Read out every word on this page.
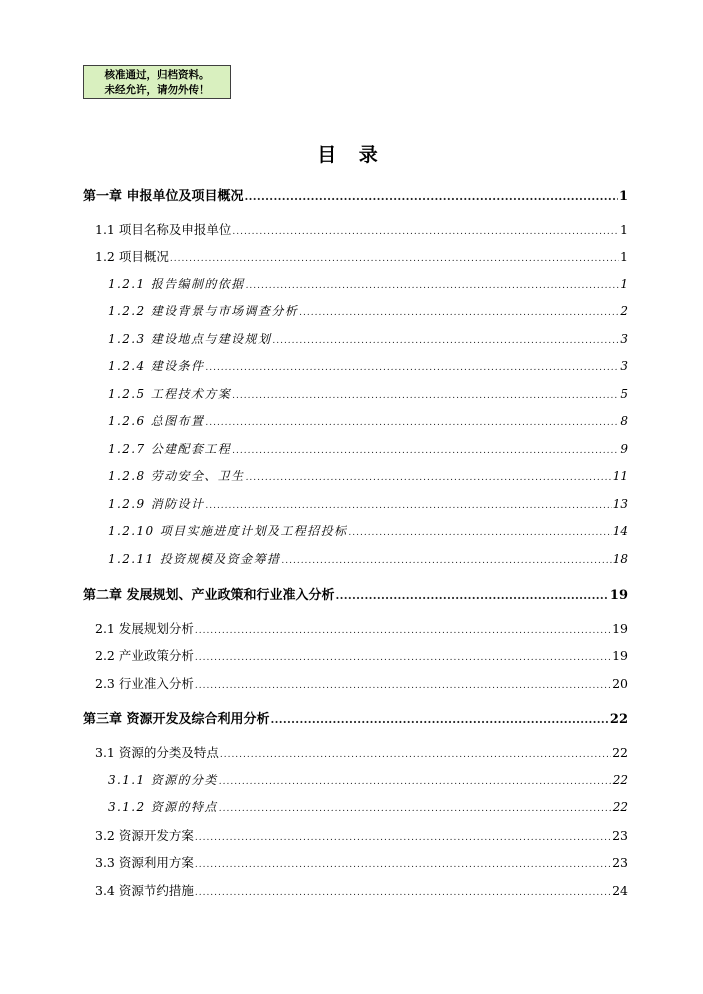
核准通过，归档资料。
未经允许，请勿外传！
目 录
第一章 申报单位及项目概况 .....	1
1.1 项目名称及申报单位 .....	1
1.2 项目概况 .....	1
1.2.1 报告编制的依据 .....	1
1.2.2 建设背景与市场调查分析 .....	2
1.2.3 建设地点与建设规划 .....	3
1.2.4 建设条件 .....	3
1.2.5 工程技术方案 .....	5
1.2.6 总图布置 .....	8
1.2.7 公建配套工程 .....	9
1.2.8 劳动安全、卫生 .....	11
1.2.9 消防设计 .....	13
1.2.10 项目实施进度计划及工程招投标 .....	14
1.2.11 投资规模及资金筹措 .....	18
第二章 发展规划、产业政策和行业准入分析 .....	19
2.1 发展规划分析 .....	19
2.2 产业政策分析 .....	19
2.3 行业准入分析 .....	20
第三章 资源开发及综合利用分析 .....	22
3.1 资源的分类及特点 .....	22
3.1.1 资源的分类 .....	22
3.1.2 资源的特点 .....	22
3.2 资源开发方案 .....	23
3.3 资源利用方案 .....	23
3.4 资源节约措施 .....	24
